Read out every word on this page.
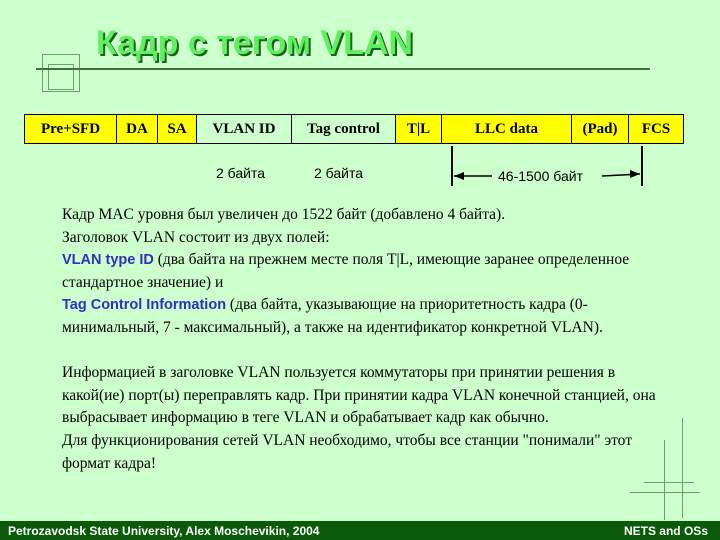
Кадр с тегом VLAN
Pre+SFD	DA	SA	VLAN ID	Tag control	T|L	LLC data	(Pad)	FCS
2 байта	2 байта	46-1500 байт

Кадр MAC уровня был увеличен до 1522 байт (добавлено 4 байта).

Заголовок VLAN состоит из двух полей:

VLAN type ID (два байта на прежнем месте поля T|L, имеющие заранее определенное стандартное значение) и

Tag Control Information (два байта, указывающие на приоритетность кадра (0-минимальный, 7 - максимальный), а также на идентификатор конкретной VLAN).

Информацией в заголовке VLAN пользуется коммутаторы при принятии решения в какой(ие) порт(ы) переправлять кадр. При принятии кадра VLAN конечной станцией, она выбрасывает информацию в теге VLAN и обрабатывает кадр как обычно.

Для функционирования сетей VLAN необходимо, чтобы все станции "понимали" этот формат кадра!

Petrozavodsk State University, Alex Moschevikin, 2004	NETS and OSs
